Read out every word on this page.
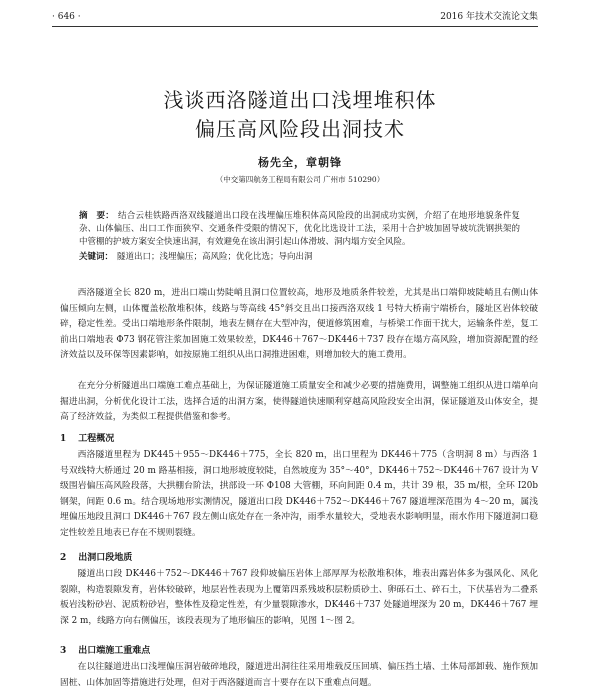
· 646 ·	2016 年技术交流论文集
浅谈西洛隧道出口浅埋堆积体
偏压高风险段出洞技术
杨先全，章朝锋
（中交第四航务工程局有限公司 广州市 510290）
摘　要： 结合云桂铁路西洛双线隧道出口段在浅埋偏压堆积体高风险段的出洞成功实例，介绍了在地形地貌条件复杂、山体偏压、出口工作面狭窄、交通条件受限的情况下，优化比选设计工法，采用十合护坡加固导坡坑洗钢拱架的中管棚的护坡方案安全快速出洞，有效避免在该出洞引起山体滑坡、洞内塌方安全风险。
关键词： 隧道出口；浅埋偏压；高风险；优化比选；导向出洞
西洛隧道全长 820 m，进出口端山势陡峭且洞口位置较高，地形及地质条件较差，尤其是出口端仰坡陡峭且右侧山体偏压倾向左侧，山体覆盖松散堆积体，线路与等高线 45°斜交且出口接西洛双线 1 号特大桥南宁端桥台，隧址区岩体较破碎，稳定性差。受出口端地形条件限制，地表左侧存在大型冲沟，便道修筑困难，与桥梁工作面干扰大，运输条件差，复工前出口端地表 Φ73 钢花管注浆加固施工效果较差，DK446＋767～DK446＋737 段存在塌方高风险，增加资源配置的经济效益以及环保等因素影响，如按原施工组织从出口洞推进困难，则增加较大的施工费用。
在充分分析隧道出口端施工难点基础上，为保证隧道施工质量安全和减少必要的措施费用，调整施工组织从进口端单向掘进出洞，分析优化设计工法，选择合适的出洞方案，使得隧道快速顺利穿越高风险段安全出洞，保证隧道及山体安全，提高了经济效益，为类似工程提供借鉴和参考。
1 工程概况
西洛隧道里程为 DK445＋955～DK446＋775，全长 820 m，出口里程为 DK446＋775（含明洞 8 m）与西洛 1 号双线特大桥通过 20 m 路基相接，洞口地形坡度较陡，自然坡度为 35°～40°，DK446＋752～DK446＋767 设计为 V 级围岩偏压高风险段落，大拱棚台阶法，拱部设一环 Φ108 大管棚，环向间距 0.4 m，共计 39 根，35 m/根，全环 I20b 钢架，间距 0.6 m。结合现场地形实测情况，隧道出口段 DK446＋752～DK446＋767 隧道埋深范围为 4～20 m，属浅埋偏压地段且洞口 DK446＋767 段左侧山底处存在一条冲沟，雨季水量较大，受地表水影响明显，雨水作用下隧道洞口稳定性较差且地表已存在不规则裂缝。
2 出洞口段地质
隧道出口段 DK446＋752～DK446＋767 段仰坡偏压岩体上部厚厚为松散堆积体，堆表出露岩体多为强风化、风化裂隙，构造裂隙发育，岩体较破碎，地层岩性表现为上覆第四系残坡积层粉质砂土、卵砾石土、碎石土，下伏基岩为二叠系板岩浅粉砂岩、泥质粉砂岩，整体性及稳定性差，有少量裂隙渗水，DK446＋737 处隧道埋深为 20 m，DK446＋767 埋深 2 m，线路方向右侧偏压，该段表现为了地形偏压的影响，见图 1～图 2。
3 出口端施工重难点
在以往隧道进出口浅埋偏压洞岩破碎地段，隧道进出洞往往采用堆载反压回填、偏压挡土墙、土体局部卸载、施作预加固桩、山体加固等措施进行处理，但对于西洛隧道而言十要存在以下重难点问题。
